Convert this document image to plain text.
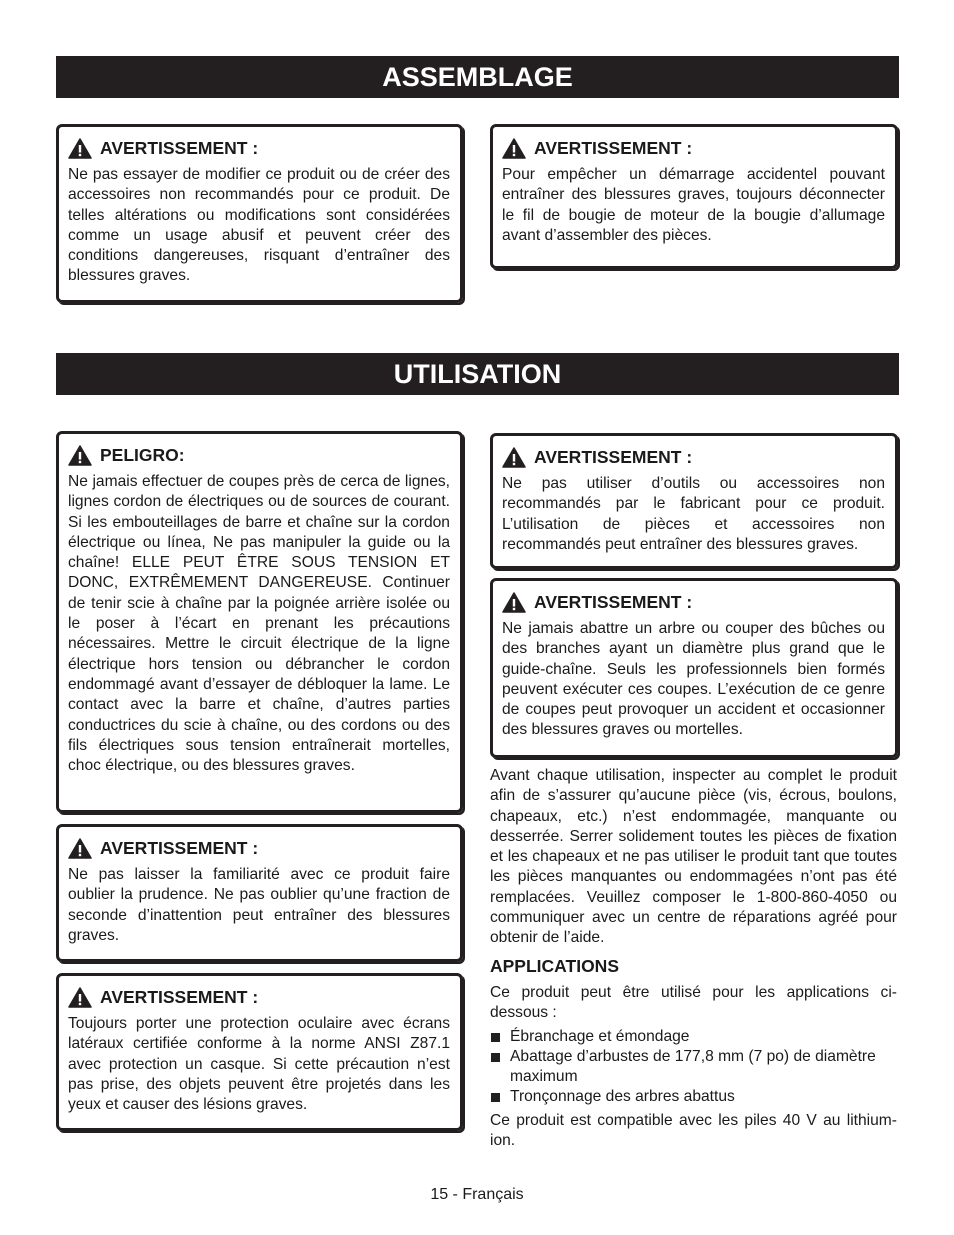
ASSEMBLAGE
AVERTISSEMENT :
Ne pas essayer de modifier ce produit ou de créer des accessoires non recommandés pour ce produit. De telles altérations ou modifications sont considérées comme un usage abusif et peuvent créer des conditions dangereuses, risquant d’entraîner des blessures graves.
AVERTISSEMENT :
Pour empêcher un démarrage accidentel pouvant entraîner des blessures graves, toujours déconnecter le fil de bougie de moteur de la bougie d’allumage avant d’assembler des pièces.
UTILISATION
PELIGRO:
Ne jamais effectuer de coupes près de cerca de lignes, lignes cordon de électriques ou de sources de courant. Si les embouteillages de barre et chaîne sur la cordon électrique ou línea, Ne pas manipuler la guide ou la chaîne! ELLE PEUT ÊTRE SOUS TENSION ET DONC, EXTRÊMEMENT DANGEREUSE. Continuer de tenir scie à chaîne par la poignée arrière isolée ou le poser à l’écart en prenant les précautions nécessaires. Mettre le circuit électrique de la ligne électrique hors tension ou débrancher le cordon endommagé avant d’essayer de débloquer la lame. Le contact avec la barre et chaîne, d’autres parties conductrices du scie à chaîne, ou des cordons ou des fils électriques sous tension entraînerait mortelles, choc électrique, ou des blessures graves.
AVERTISSEMENT :
Ne pas laisser la familiarité avec ce produit faire oublier la prudence. Ne pas oublier qu’une fraction de seconde d’inattention peut entraîner des blessures graves.
AVERTISSEMENT :
Toujours porter une protection oculaire avec écrans latéraux certifiée conforme à la norme ANSI Z87.1 avec protection un casque. Si cette précaution n’est pas prise, des objets peuvent être projetés dans les yeux et causer des lésions graves.
AVERTISSEMENT :
Ne pas utiliser d’outils ou accessoires non recommandés par le fabricant pour ce produit. L’utilisation de pièces et accessoires non recommandés peut entraîner des blessures graves.
AVERTISSEMENT :
Ne jamais abattre un arbre ou couper des bûches ou des branches ayant un diamètre plus grand que le guide-chaîne. Seuls les professionnels bien formés peuvent exécuter ces coupes. L’exécution de ce genre de coupes peut provoquer un accident et occasionner des blessures graves ou mortelles.
Avant chaque utilisation, inspecter au complet le produit afin de s’assurer qu’aucune pièce (vis, écrous, boulons, chapeaux, etc.) n’est endommagée, manquante ou desserrée. Serrer solidement toutes les pièces de fixation et les chapeaux et ne pas utiliser le produit tant que toutes les pièces manquantes ou endommagées n’ont pas été remplacées. Veuillez composer le 1-800-860-4050 ou communiquer avec un centre de réparations agréé pour obtenir de l’aide.
APPLICATIONS
Ce produit peut être utilisé pour les applications ci-dessous :
Ébranchage et émondage
Abattage d’arbustes de 177,8 mm (7 po) de diamètre maximum
Tronçonnage des arbres abattus
Ce produit est compatible avec les piles 40 V au lithium-ion.
15 - Français
